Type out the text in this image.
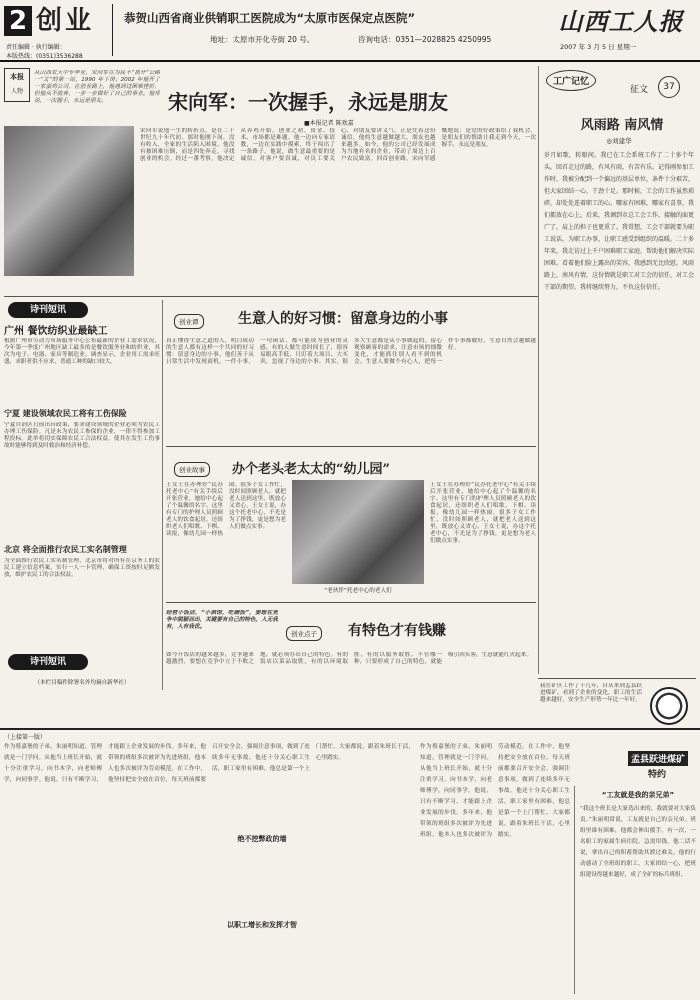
2 创业
责任编辑 · 执行编辑：
本版热线：(0351)3536288
恭贺山西省商业供销职工医院成为“太原市医保定点医院”
地址：太原市开化寺街 20 号。	咨询电话：0351—2028825 4250995
山西工人报
2007 年 3 月 5 日 星期一
本报
人物
从山西农大中专毕业，宋向军在为民不“离开”公路一“又”的第一站，1990 年下岗；2002 年他开了一家蛋鸡公司，在创业路上，他遇到过困难挫折，但他从不放弃，一步一步做好了自己的事业。他常说，一次握手，永远是朋友。	宋向军：一次握手，永远是朋友
■本报记者 陈欢嘉
宋向军说他一生的转折点，是在二十世纪九十年代初。那时他刚下岗，没有收入，全家的生活陷入困境。他没有被困难压倒，而是四处奔走，寻找创业的机会。经过一番考察，他决定从养鸡开始。创业之初，资金、技术、市场都是难题。他一边向专家请教，一边在实践中摸索，终于闯出了一条路子。他说，做生意最重要的是诚信，对客户要真诚，对员工要关心，对朋友要讲义气。正是凭着这份诚信，他的生意越做越大，朋友也越来越多。如今，他的公司已经发展成为当地有名的企业，带动了周边上百户农民致富。回首创业路，宋向军感慨地说：是党的好政策给了我机会，是朋友们的帮助让我走到今天，一次握手，永远是朋友。
工广记忆
征文	37
风雨路 南风情
◎刘建华
岁月如歌，转眼间，我已在工会系统工作了二十多个年头。回首走过的路，有风有雨，有苦有乐。记得刚参加工作时，我被分配到一个偏远的基层单位，条件十分艰苦，但大家团结一心，干劲十足。那时候，工会的工作虽然琐碎，却处处连着职工的心。哪家有困难，哪家有喜事，我们都放在心上。后来，我调到市总工会工作，接触的面更广了，肩上的担子也更重了。我常想，工会干部就要为职工说话，为职工办事，让职工感受到组织的温暖。二十多年来，我走访过上千户困难职工家庭，帮助他们解决实际困难。看着他们脸上露出的笑容，我感到无比欣慰。风雨路上，南风有情，这份情就是职工对工会的信任，对工会干部的期望。我将继续努力，不负这份信任。
诗刊短讯
广州 餐饮纺织业最缺工
根据广州市劳动力市场服务中心公布最新的企业工需求状况，今年第一季度广州地区缺工最多的是餐饮服务业和纺织业，其次为电子、电器、家具等制造业。调查显示，企业用工需求旺盛，求职者供不应求，普通工种的缺口较大。
宁夏 建设领域农民工将有工伤保险
宁夏自治区日前出台政策，要求建设领域的企业必须为农民工办理工伤保险。凡是未为农民工参保的企业，一律不得参加工程投标。此举将切实保障农民工合法权益，使其在发生工伤事故时能够得到及时救治和经济补偿。
北京 将全面推行农民工实名制管理
为全面推行农民工实名制管理，北京市将对所有在京务工的农民工建立信息档案，实行一人一卡管理，确保工资按时足额发放，维护农民工的合法权益。
诗刊短讯
（本栏目稿件除署名外均摘自新华社）
创业谭	生意人的好习惯：留意身边的小事
真正懂得生意之道的人，明白成功的生意人都有这样一个共同的好习惯：留意身边的小事。他们善于从日常生活中发现商机，一件小事，一句闲话，都可能成为创业的灵感。有的人做生意时间长了，很容易眼高手低，只盯着大项目、大买卖，忽视了身边的小事。其实，很多大生意都是从小事做起的。留心观察顾客的需求，注意市场的细微变化，才能抓住别人看不到的机会。生意人要做个有心人，把每一件小事都做好，生意自然会越做越好。
创业故事	办个老头老太太的“幼儿园”
王女士在办理好“民办托老中心”有关手续后开张营业，她给中心起了个温馨的名字。这里有专门的护理人员照顾老人的饮食起居，还组织老人们唱歌、下棋、读报，像幼儿园一样热闹。很多子女工作忙，没时间照顾老人，就把老人送到这里，既放心又省心。王女士说，办这个托老中心，不光是为了挣钱，更是想为老人们做点实事。
“老伙伴”托老中心的老人们
王女士在办理好“民办托老中心”有关手续后开张营业，她给中心起了个温馨的名字。这里有专门的护理人员照顾老人的饮食起居，还组织老人们唱歌、下棋、读报，像幼儿园一样热闹。很多子女工作忙，没时间照顾老人，就把老人送到这里，既放心又省心。王女士说，办这个托老中心，不光是为了挣钱，更是想为老人们做点实事。
经营小饭店，“小酒馆，吃碗饭”，要想在竞争中脱颖而出，关键要有自己的特色，人无我有，人有我优。
创业点子	有特色才有钱赚
如今开饭店的越来越多，竞争越来越激烈，要想在竞争中立于不败之地，就必须办出自己的特色。有的饭店以菜品取胜，有的以环境取胜，有的以服务取胜。不管哪一种，只要形成了自己的特色，就能吸引回头客，生意就能红火起来。
我在矿区工作了十几年，自从来到孟县跃进煤矿，看到了企业的变化，职工的生活越来越好，安全生产形势一年比一年好。
孟县跃进煤矿
特约
（上接第一版）
作为蔡嘉堡的子弟，朱丽明知道，管理就是一门学问。从他当上班长开始，就十分注重学习，向书本学，向老师傅学，向同事学。他说，只有不断学习，才能跟上企业发展的步伐。多年来，他带领的班组多次被评为先进班组，他本人也多次被评为劳动模范。在工作中，他坚持把安全放在首位，每天班前都要召开安全会，强调注意事项，做到了连续多年无事故。他还十分关心职工生活，职工家里有困难，他总是第一个上门帮忙。大家都说，跟着朱班长干活，心里踏实。
绝不挖弊政的墙
以职工增长和发挥才智
作为蔡嘉堡的子弟，朱丽明知道，管理就是一门学问。从他当上班长开始，就十分注重学习，向书本学，向老师傅学，向同事学。他说，只有不断学习，才能跟上企业发展的步伐。多年来，他带领的班组多次被评为先进班组，他本人也多次被评为劳动模范。在工作中，他坚持把安全放在首位，每天班前都要召开安全会，强调注意事项，做到了连续多年无事故。他还十分关心职工生活，职工家里有困难，他总是第一个上门帮忙。大家都说，跟着朱班长干活，心里踏实。
“工友就是我的亲兄弟”
“我这个班长是大家选出来的，我就要对大家负责。”朱丽明常说，工友就是自己的亲兄弟。班组里谁有困难，他都会伸出援手。有一次，一名职工的家属生病住院，急需用钱，他二话不说，拿出自己的积蓄帮助其渡过难关。他的行动感动了全班组的职工，大家团结一心，把班组建设得越来越好，成了全矿的标兵班组。
